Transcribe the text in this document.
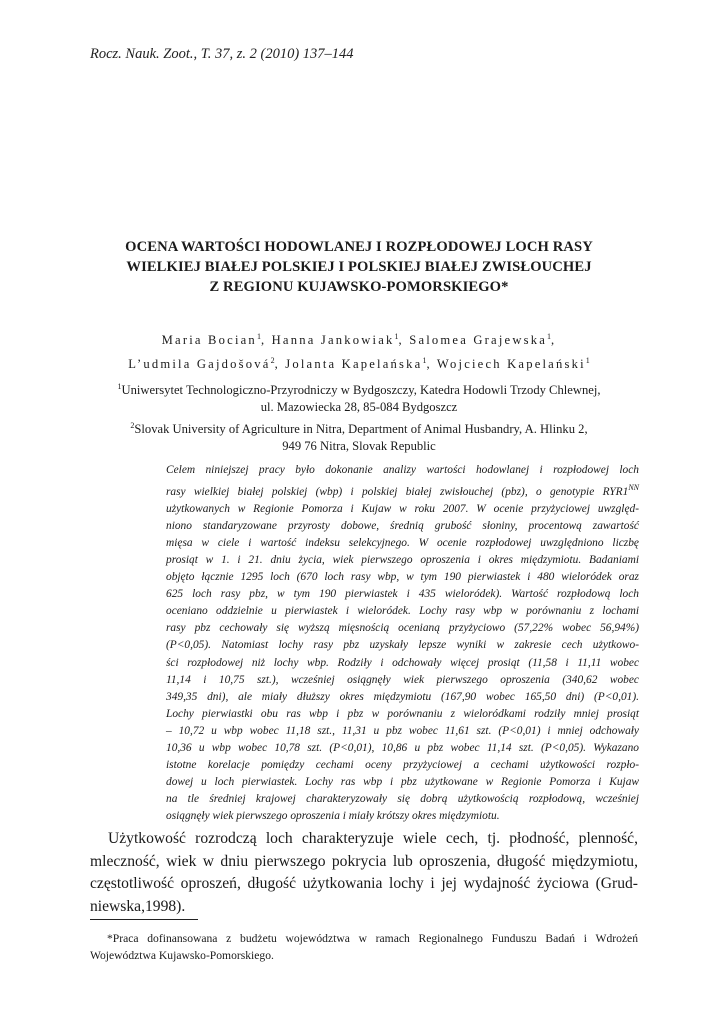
Rocz. Nauk. Zoot., T. 37, z. 2 (2010) 137–144
OCENA WARTOŚCI HODOWLANEJ I ROZPŁODOWEJ LOCH RASY
WIELKIEJ BIAŁEJ POLSKIEJ I POLSKIEJ BIAŁEJ ZWISŁOUCHEJ
Z REGIONU KUJAWSKO-POMORSKIEGO*
Maria Bocian$^1$, Hanna Jankowiak$^1$, Salomea Grajewska$^1$,
L’udmila Gajdošová$^2$, Jolanta Kapelańska$^1$, Wojciech Kapelański$^1$
$^1$Uniwersytet Technologiczno-Przyrodniczy w Bydgoszczy, Katedra Hodowli Trzody Chlewnej,
ul. Mazowiecka 28, 85-084 Bydgoszcz
$^2$Slovak University of Agriculture in Nitra, Department of Animal Husbandry, A. Hlinku 2,
949 76 Nitra, Slovak Republic
Celem niniejszej pracy było dokonanie analizy wartości hodowlanej i rozpłodowej loch
rasy wielkiej białej polskiej (wbp) i polskiej białej zwisłouchej (pbz), o genotypie $RYR1^{NN}$
użytkowanych w Regionie Pomorza i Kujaw w roku 2007. W ocenie przyżyciowej uwzględ-
niono standaryzowane przyrosty dobowe, średnią grubość słoniny, procentową zawartość
mięsa w ciele i wartość indeksu selekcyjnego. W ocenie rozpłodowej uwzględniono liczbę
prosiąt w 1. i 21. dniu życia, wiek pierwszego oproszenia i okres międzymiotu. Badaniami
objęto łącznie 1295 loch (670 loch rasy wbp, w tym 190 pierwiastek i 480 wieloródek oraz
625 loch rasy pbz, w tym 190 pierwiastek i 435 wieloródek). Wartość rozpłodową loch
oceniano oddzielnie u pierwiastek i wieloródek. Lochy rasy wbp w porównaniu z lochami
rasy pbz cechowały się wyższą mięsnością ocenianą przyżyciowo (57,22% wobec 56,94%)
(P<0,05). Natomiast lochy rasy pbz uzyskały lepsze wyniki w zakresie cech użytkowo-
ści rozpłodowej niż lochy wbp. Rodziły i odchowały więcej prosiąt (11,58 i 11,11 wobec
11,14 i 10,75 szt.), wcześniej osiągnęły wiek pierwszego oproszenia (340,62 wobec
349,35 dni), ale miały dłuższy okres międzymiotu (167,90 wobec 165,50 dni) (P<0,01).
Lochy pierwiastki obu ras wbp i pbz w porównaniu z wieloródkami rodziły mniej prosiąt
– 10,72 u wbp wobec 11,18 szt., 11,31 u pbz wobec 11,61 szt. (P<0,01) i mniej odchowały
10,36 u wbp wobec 10,78 szt. (P<0,01), 10,86 u pbz wobec 11,14 szt. (P<0,05). Wykazano
istotne korelacje pomiędzy cechami oceny przyżyciowej a cechami użytkowości rozpło-
dowej u loch pierwiastek. Lochy ras wbp i pbz użytkowane w Regionie Pomorza i Kujaw
na tle średniej krajowej charakteryzowały się dobrą użytkowością rozpłodową, wcześniej
osiągnęły wiek pierwszego oproszenia i miały krótszy okres międzymiotu.
Użytkowość rozrodczą loch charakteryzuje wiele cech, tj. płodność, plenność,
mleczność, wiek w dniu pierwszego pokrycia lub oproszenia, długość międzymiotu,
częstotliwość oproszeń, długość użytkowania lochy i jej wydajność życiowa (Grud-
niewska,1998).
*Praca dofinansowana z budżetu województwa w ramach Regionalnego Funduszu Badań i Wdrożeń
Województwa Kujawsko-Pomorskiego.
